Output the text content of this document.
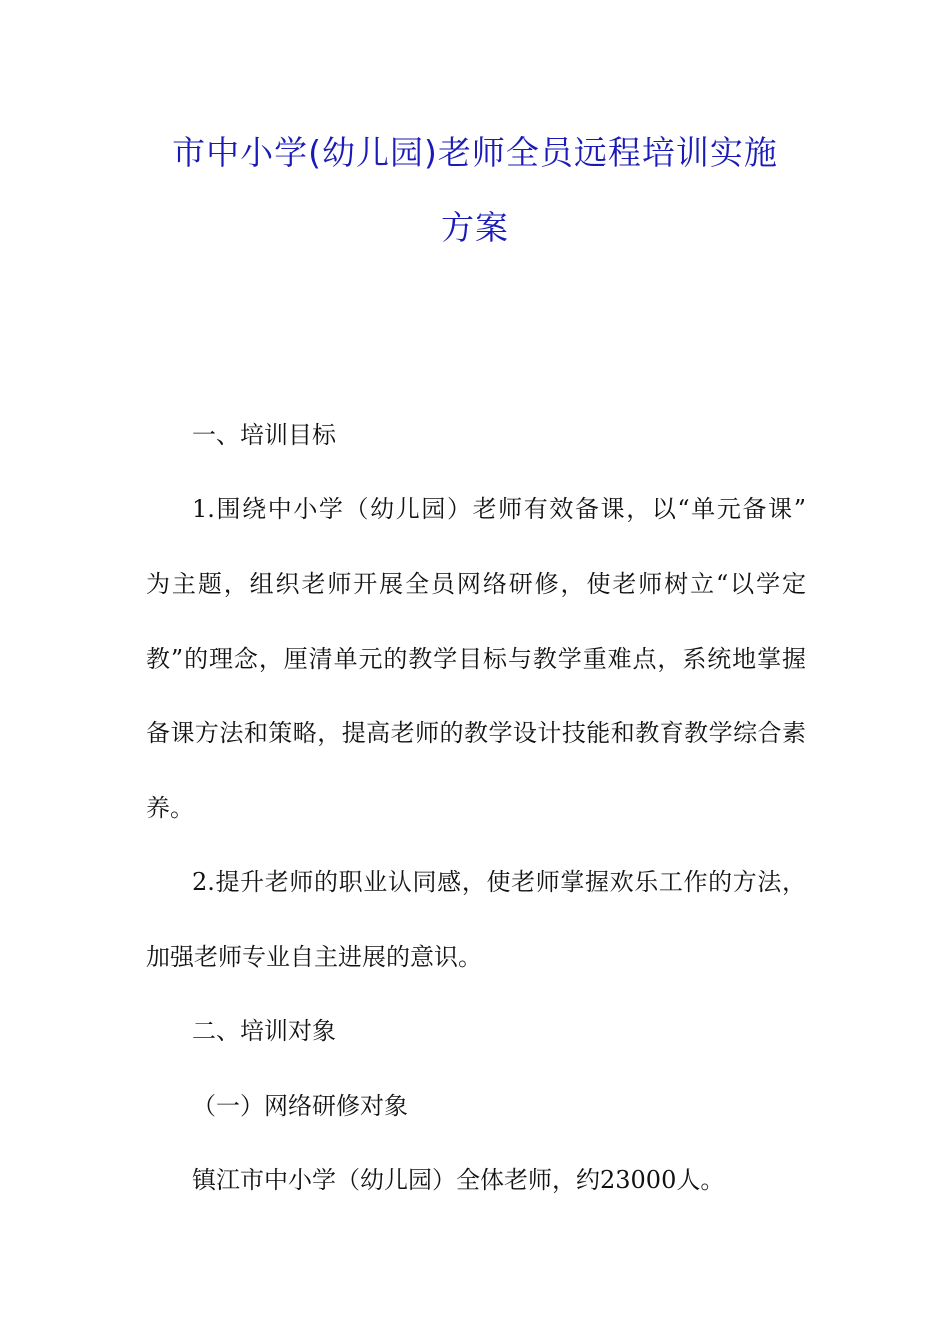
市中小学(幼儿园)老师全员远程培训实施
方案
一、培训目标
1.围绕中小学（幼儿园）老师有效备课，以“单元备课”
为主题，组织老师开展全员网络研修，使老师树立“以学定
教”的理念，厘清单元的教学目标与教学重难点，系统地掌握
备课方法和策略，提高老师的教学设计技能和教育教学综合素
养。
2.提升老师的职业认同感，使老师掌握欢乐工作的方法，
加强老师专业自主进展的意识。
二、培训对象
（一）网络研修对象
镇江市中小学（幼儿园）全体老师，约23000人。
